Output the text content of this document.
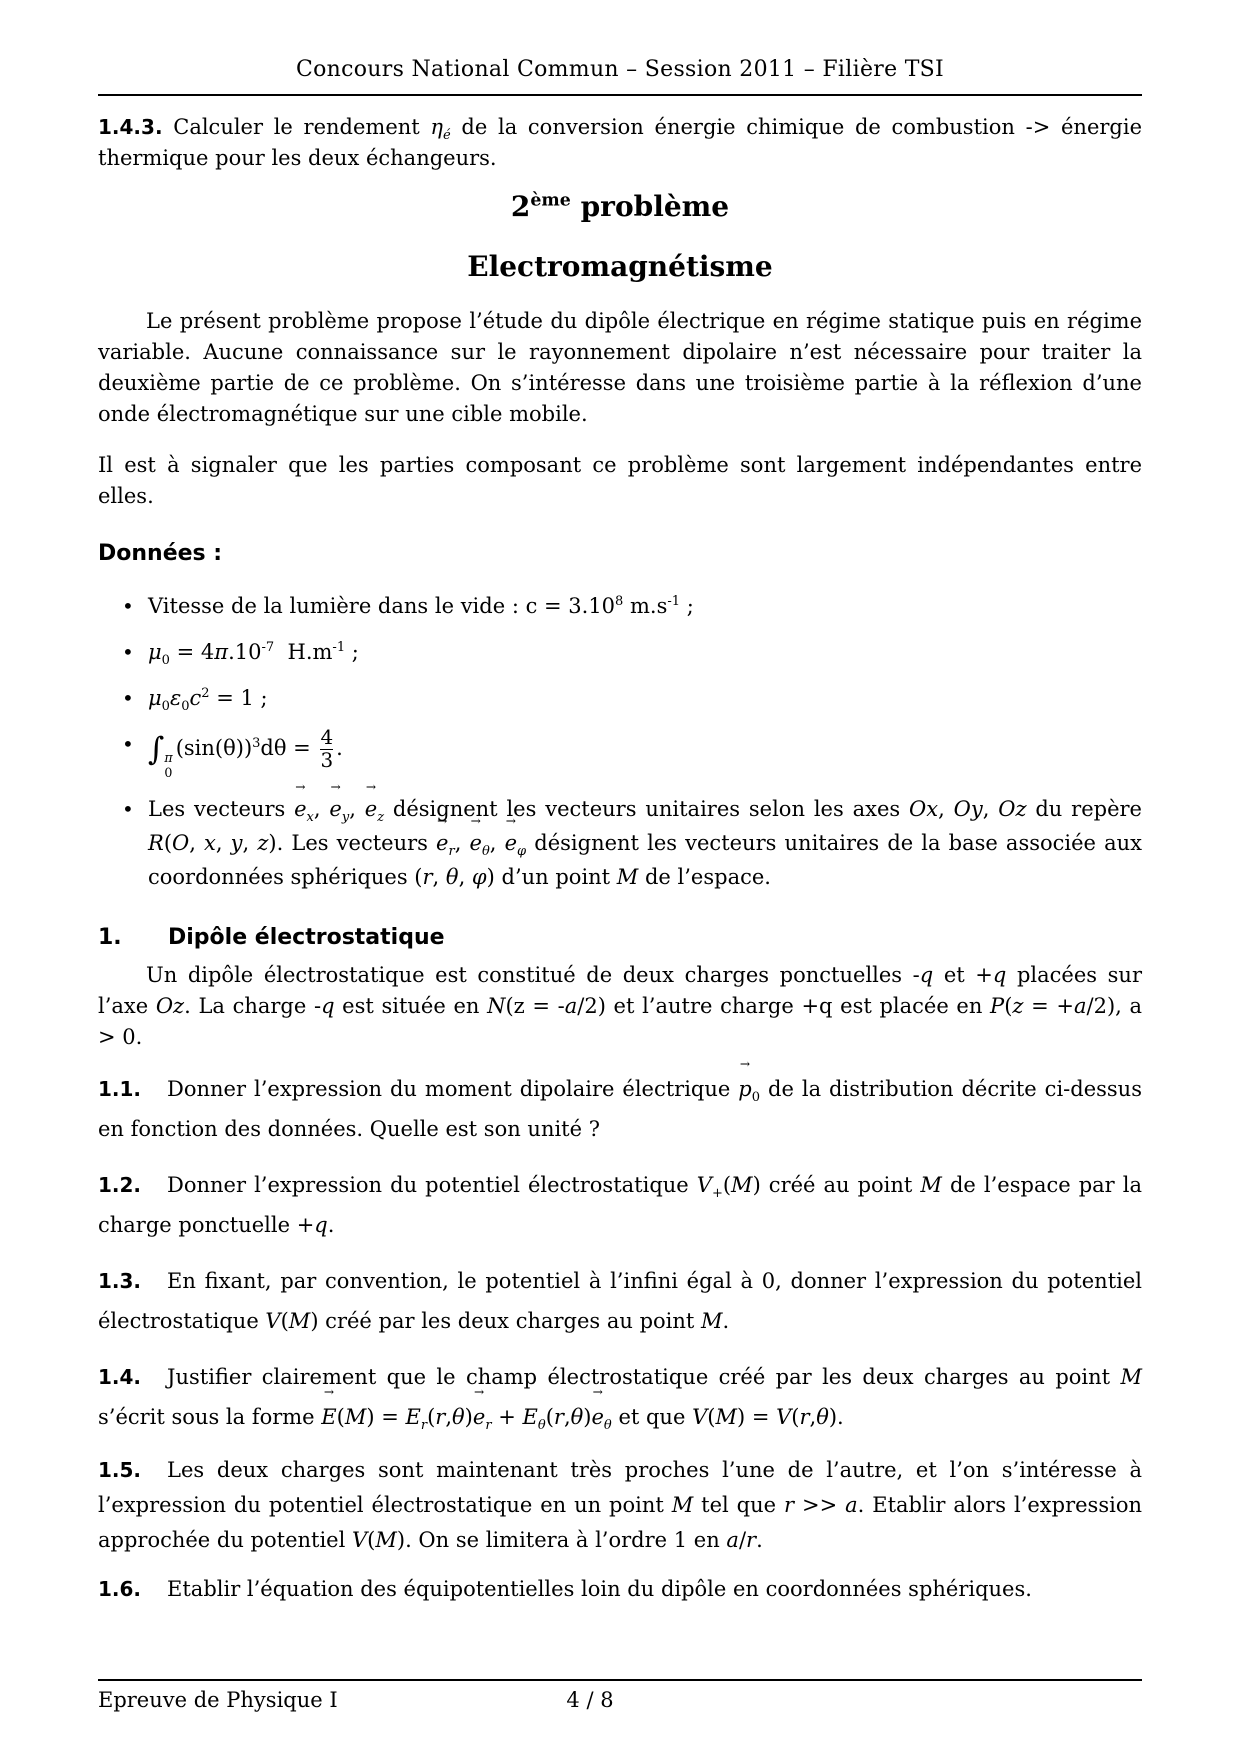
Concours National Commun – Session 2011 – Filière TSI

1.4.3. Calculer le rendement $\eta_é$ de la conversion énergie chimique de combustion -> énergie thermique pour les deux échangeurs.

2ème problème
Electromagnétisme

Le présent problème propose l’étude du dipôle électrique en régime statique puis en régime variable. Aucune connaissance sur le rayonnement dipolaire n’est nécessaire pour traiter la deuxième partie de ce problème. On s’intéresse dans une troisième partie à la réflexion d’une onde électromagnétique sur une cible mobile.

Il est à signaler que les parties composant ce problème sont largement indépendantes entre elles.

Données :
• Vitesse de la lumière dans le vide : $c = 3.10^8$ $m.s^{-1}$ ;
• $\mu_0 = 4\pi.10^{-7}$  $H.m^{-1}$ ;
• $\mu_0\varepsilon_0c^2 = 1$ ;
• ∫ π
0
$(\sin(\theta))^3d\theta = \frac{4}{3}$ .
• Les vecteurs → $e_x$, → $e_y$, → $e_z$ désignent les vecteurs unitaires selon les axes Ox, Oy, Oz du repère R(O, x, y, z). Les vecteurs → $e_r$, → $e_\theta$, → $e_\varphi$ désignent les vecteurs unitaires de la base associée aux coordonnées sphériques (r, θ, φ) d’un point M de l’espace.
1. Dipôle électrostatique

Un dipôle électrostatique est constitué de deux charges ponctuelles -q et +q placées sur l’axe Oz. La charge -q est située en N(z = -a/2) et l’autre charge +q est placée en P(z = +a/2), a > 0.

1.1. Donner l’expression du moment dipolaire électrique → $p_0$ de la distribution décrite ci-dessus en fonction des données. Quelle est son unité ?

1.2. Donner l’expression du potentiel électrostatique $V_+(M)$ créé au point M de l’espace par la charge ponctuelle +q.

1.3. En fixant, par convention, le potentiel à l’infini égal à 0, donner l’expression du potentiel électrostatique V(M) créé par les deux charges au point M.

1.4. Justifier clairement que le champ électrostatique créé par les deux charges au point M s’écrit sous la forme → $E(M) = E_r(r,\theta)\to e_r + E_\theta(r,\theta)\to e_\theta$ et que V(M) = V(r,θ).

1.5. Les deux charges sont maintenant très proches l’une de l’autre, et l’on s’intéresse à l’expression du potentiel électrostatique en un point M tel que r >> a. Etablir alors l’expression approchée du potentiel V(M). On se limitera à l’ordre 1 en a/r.

1.6. Etablir l’équation des équipotentielles loin du dipôle en coordonnées sphériques.

Epreuve de Physique I	4 / 8
